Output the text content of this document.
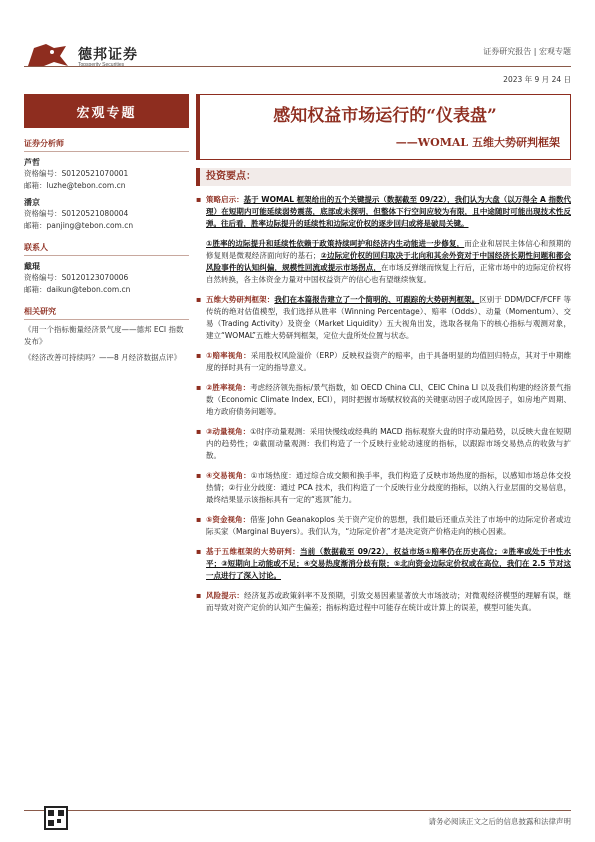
德邦证券
Topsperity Securities
证券研究报告 | 宏观专题
2023 年 9 月 24 日
宏观专题
证券分析师
芦哲
资格编号：S0120521070001
邮箱：luzhe@tebon.com.cn
潘京
资格编号：S0120521080004
邮箱：panjing@tebon.com.cn
联系人
戴琨
资格编号：S0120123070006
邮箱：daikun@tebon.com.cn
相关研究
《用一个指标衡量经济景气度——德邦 ECI 指数发布》
《经济改善可持续吗？——8 月经济数据点评》
感知权益市场运行的“仪表盘”
——WOMAL 五维大势研判框架
投资要点：
▪ 策略启示：基于 WOMAL 框架给出的五个关键提示（数据截至 09/22），我们认为大盘（以万得全 A 指数代理）在短期内可能延续弱势震荡，底部或未探明，但整体下行空间应较为有限，且中途随时可能出现技术性反弹。往后看，胜率边际提升的延续性和边际定价权的逐步回归或将是破局关键。
①胜率的边际提升和延续性依赖于政策持续呵护和经济内生动能进一步修复，而企业和居民主体信心和预期的修复则是微观经济面向好的基石；②边际定价权的回归取决于北向和其余外资对于中国经济长期性问题和都会风险事件的认知纠偏，规模性回流或提示市场拐点，在市场反弹继而恢复上行后，正常市场中的边际定价权将自然转换，各主体资金力量对中国权益资产的信心也有望继续恢复。
▪ 五维大势研判框架：我们在本篇报告建立了一个简明的、可跟踪的大势研判框架。区别于 DDM/DCF/FCFF 等传统的绝对估值模型，我们选择从胜率（Winning Percentage）、赔率（Odds）、动量（Momentum）、交易（Trading Activity）及资金（Market Liquidity）五大视角出发，选取各视角下的核心指标与观测对象，建立“WOMAL”五维大势研判框架，定位大盘所处位置与状态。
▪ ①赔率视角：采用股权风险溢价（ERP）反映权益资产的赔率，由于具备明显的均值回归特点，其对于中期维度的择时具有一定的指导意义。
▪ ②胜率视角：考虑经济领先指标/景气指数，如 OECD China CLI、CEIC China LI 以及我们构建的经济景气指数（Economic Climate Index, ECI），同时把握市场赋权较高的关键驱动因子或风险因子，如房地产周期、地方政府债务问题等。
▪ ③动量视角：①时序动量观测：采用快慢线或经典的 MACD 指标观察大盘的时序动量趋势，以反映大盘在短期内的趋势性；②截面动量观测：我们构造了一个反映行业轮动速度的指标，以跟踪市场交易热点的收敛与扩散。
▪ ④交易视角：①市场热度：通过综合成交额和换手率，我们构造了反映市场热度的指标，以感知市场总体交投热情；②行业分歧度：通过 PCA 技术，我们构造了一个反映行业分歧度的指标，以纳入行业层面的交易信息，最终结果显示该指标具有一定的“逃顶”能力。
▪ ⑤资金视角：借鉴 John Geanakoplos 关于资产定价的思想，我们最后还重点关注了市场中的边际定价者或边际买家（Marginal Buyers）。我们认为，“边际定价者”才是决定资产价格走向的核心因素。
▪ 基于五维框架的大势研判：当前（数据截至 09/22），权益市场①赔率仍在历史高位；②胜率或处于中性水平；③短期向上动能或不足；④交易热度渐消分歧有限；⑤北向资金边际定价权或在高位，我们在 2.5 节对这一点进行了深入讨论。
▪ 风险提示：经济复苏或政策斜率不及预期，引致交易因素显著放大市场波动；对微观经济模型的理解有误，继而导致对资产定价的认知产生偏差；指标构造过程中可能存在统计或计算上的误差，模型可能失真。
请务必阅读正文之后的信息披露和法律声明
